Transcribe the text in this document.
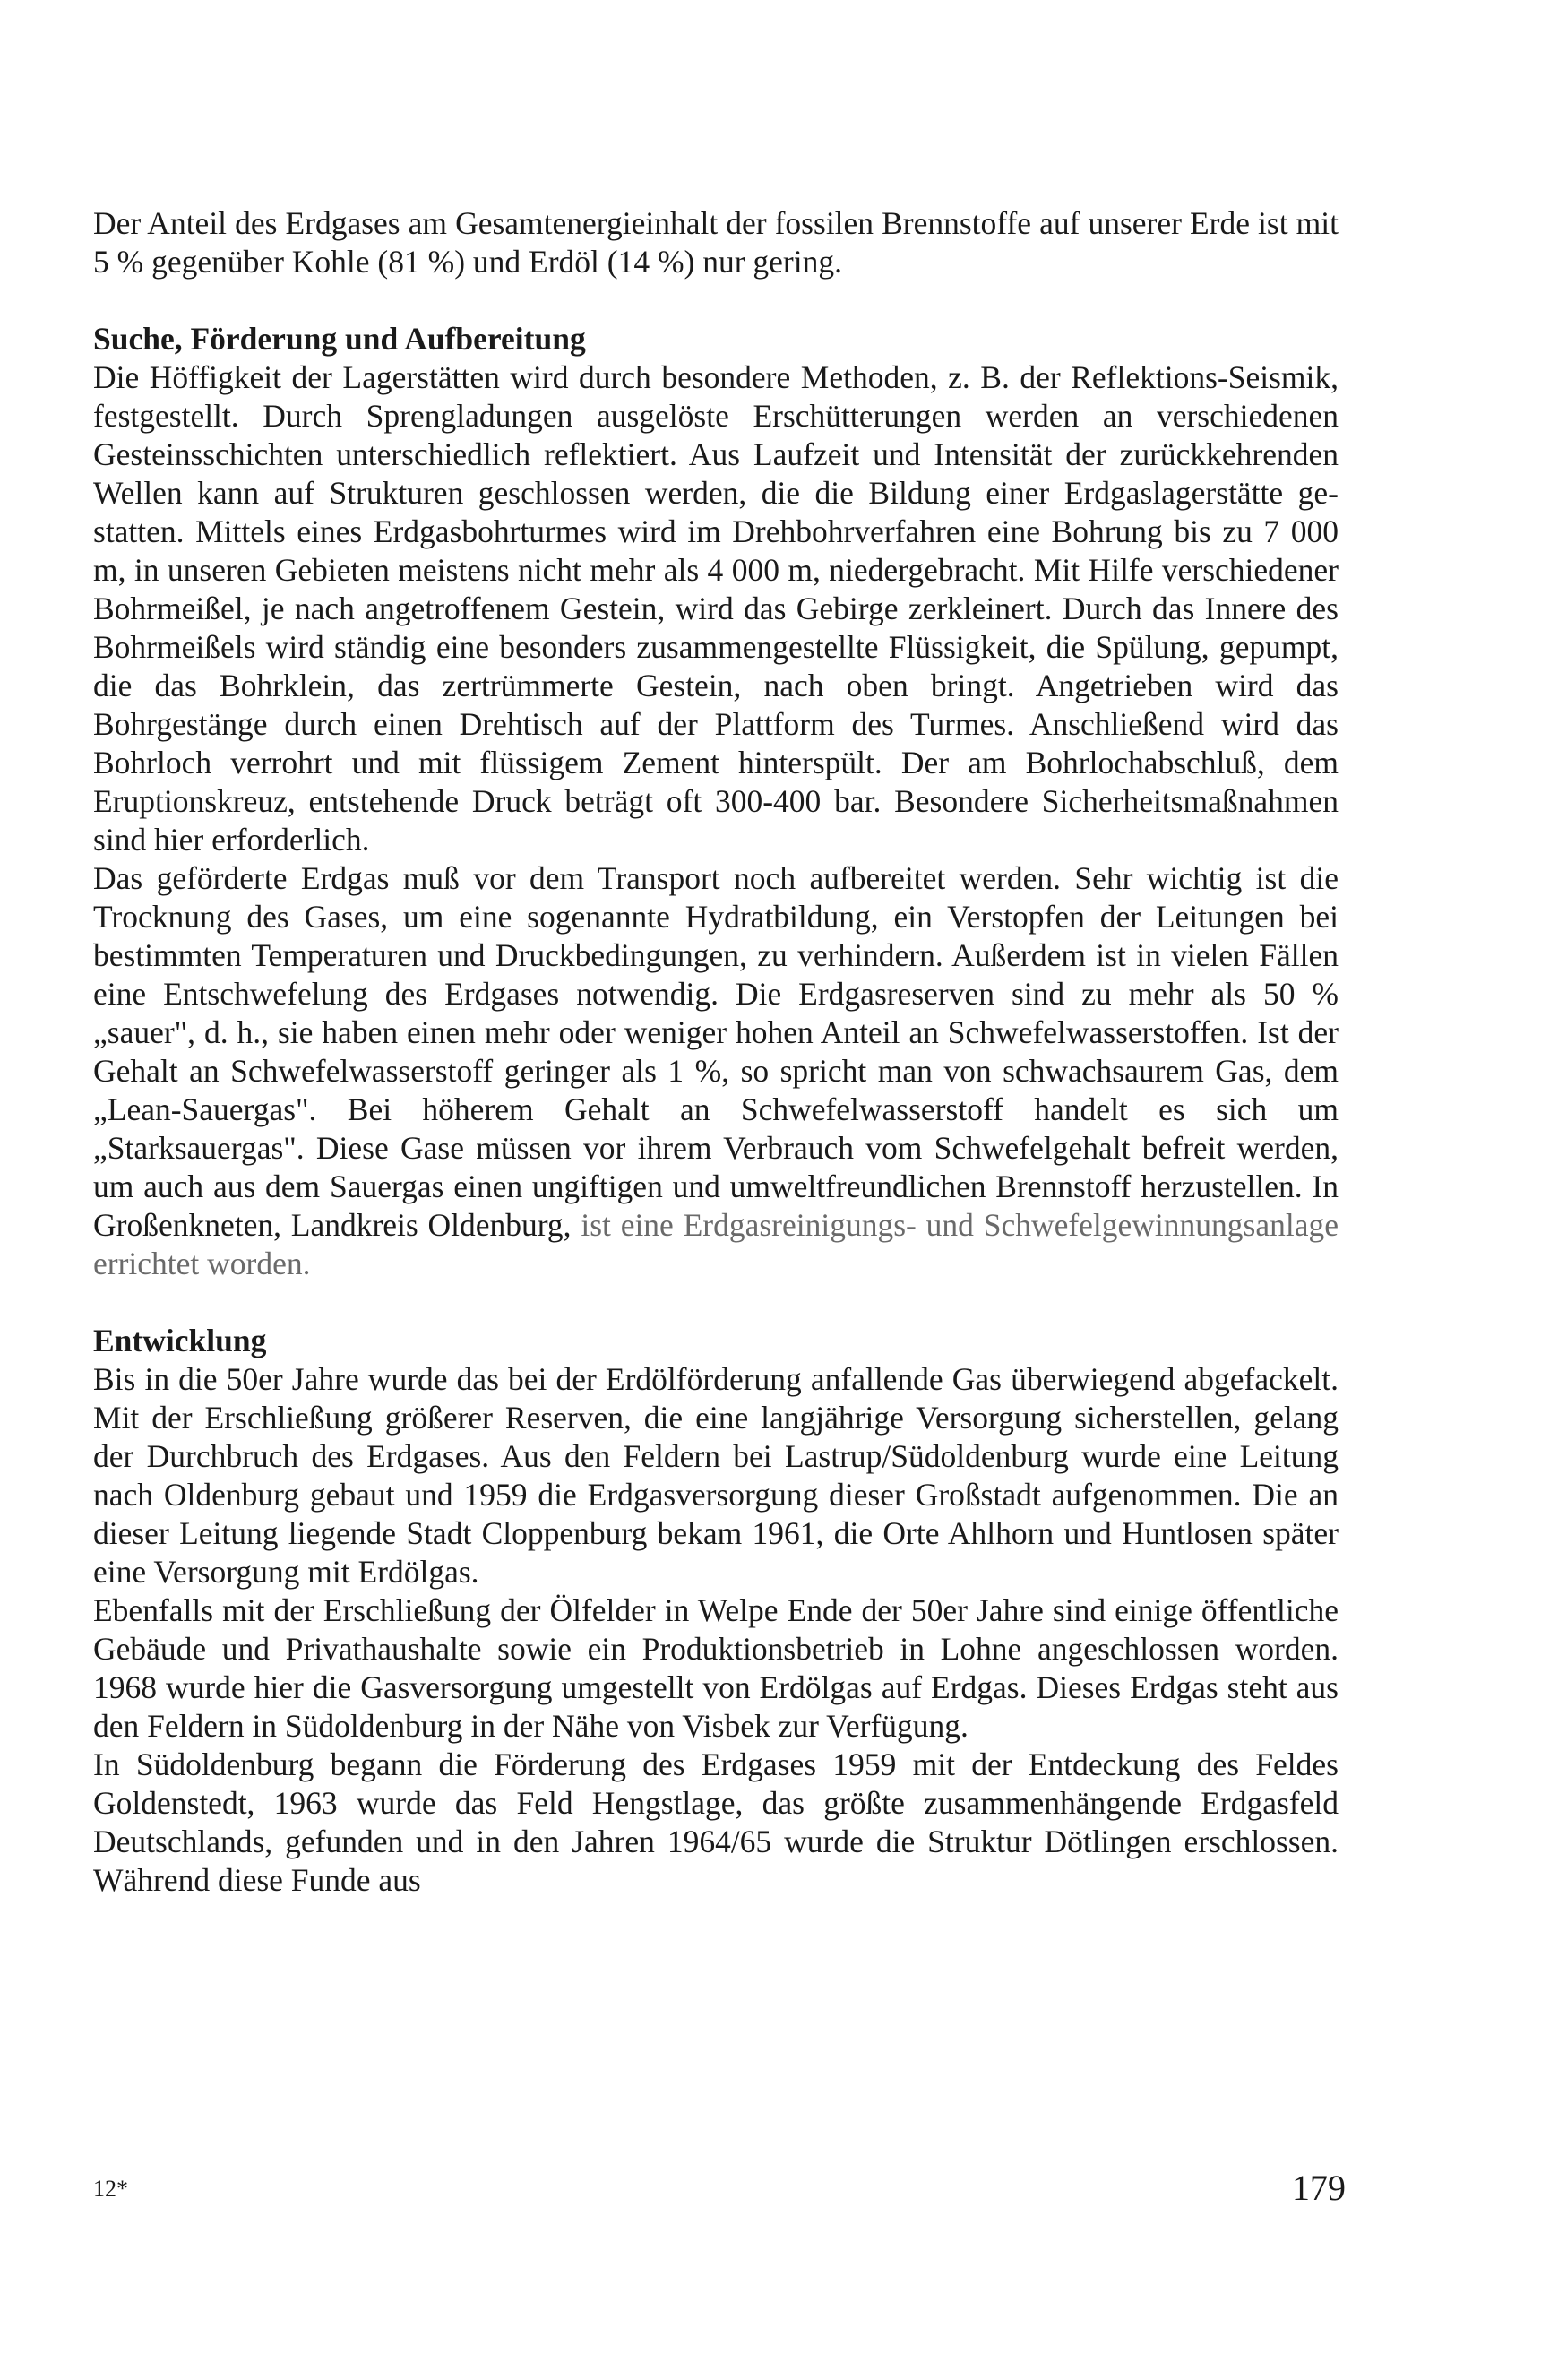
Der Anteil des Erdgases am Gesamtenergieinhalt der fossilen Brennstoffe auf unserer Erde ist mit 5 % gegenüber Kohle (81 %) und Erdöl (14 %) nur gering.

Suche, Förderung und Aufbereitung

Die Höffigkeit der Lagerstätten wird durch besondere Methoden, z. B. der Reflektions-Seismik, festgestellt. Durch Sprengladungen ausgelöste Erschütterungen werden an verschiedenen Gesteinsschichten unterschiedlich reflektiert. Aus Laufzeit und Intensität der zurückkehrenden Wellen kann auf Strukturen geschlossen werden, die die Bildung einer Erdgaslagerstätte gestatten. Mittels eines Erdgasbohrturmes wird im Drehbohrverfahren eine Bohrung bis zu 7 000 m, in unseren Gebieten meistens nicht mehr als 4 000 m, niedergebracht. Mit Hilfe verschiedener Bohrmeißel, je nach angetroffenem Gestein, wird das Gebirge zerkleinert. Durch das Innere des Bohrmeißels wird ständig eine besonders zusammengestellte Flüssigkeit, die Spülung, gepumpt, die das Bohrklein, das zertrümmerte Gestein, nach oben bringt. Angetrieben wird das Bohrgestänge durch einen Drehtisch auf der Plattform des Turmes. Anschließend wird das Bohrloch verrohrt und mit flüssigem Zement hinterspült. Der am Bohrlochabschluß, dem Eruptionskreuz, entstehende Druck beträgt oft 300-400 bar. Besondere Sicherheitsmaßnahmen sind hier erforderlich.

Das geförderte Erdgas muß vor dem Transport noch aufbereitet werden. Sehr wichtig ist die Trocknung des Gases, um eine sogenannte Hydratbildung, ein Verstopfen der Leitungen bei bestimmten Temperaturen und Druckbedingungen, zu verhindern. Außerdem ist in vielen Fällen eine Entschwefelung des Erdgases notwendig. Die Erdgasreserven sind zu mehr als 50 % „sauer", d. h., sie haben einen mehr oder weniger hohen Anteil an Schwefelwasserstoffen. Ist der Gehalt an Schwefelwasserstoff geringer als 1 %, so spricht man von schwachsaurem Gas, dem „Lean-Sauergas". Bei höherem Gehalt an Schwefelwasserstoff handelt es sich um „Starksauergas". Diese Gase müssen vor ihrem Verbrauch vom Schwefelgehalt befreit werden, um auch aus dem Sauergas einen ungiftigen und umweltfreundlichen Brennstoff herzustellen. In Großenkneten, Landkreis Oldenburg, ist eine Erdgasreinigungs- und Schwefelgewinnungsanlage errichtet worden.

Entwicklung

Bis in die 50er Jahre wurde das bei der Erdölförderung anfallende Gas überwiegend abgefackelt. Mit der Erschließung größerer Reserven, die eine langjährige Versorgung sicherstellen, gelang der Durchbruch des Erdgases. Aus den Feldern bei Lastrup/Südoldenburg wurde eine Leitung nach Oldenburg gebaut und 1959 die Erdgasversorgung dieser Großstadt aufgenommen. Die an dieser Leitung liegende Stadt Cloppenburg bekam 1961, die Orte Ahlhorn und Huntlosen später eine Versorgung mit Erdölgas.

Ebenfalls mit der Erschließung der Ölfelder in Welpe Ende der 50er Jahre sind einige öffentliche Gebäude und Privathaushalte sowie ein Produktionsbetrieb in Lohne angeschlossen worden. 1968 wurde hier die Gasversorgung umgestellt von Erdölgas auf Erdgas. Dieses Erdgas steht aus den Feldern in Südoldenburg in der Nähe von Visbek zur Verfügung.

In Südoldenburg begann die Förderung des Erdgases 1959 mit der Entdeckung des Feldes Goldenstedt, 1963 wurde das Feld Hengstlage, das größte zusammenhängende Erdgasfeld Deutschlands, gefunden und in den Jahren 1964/65 wurde die Struktur Dötlingen erschlossen. Während diese Funde aus

12*	179
